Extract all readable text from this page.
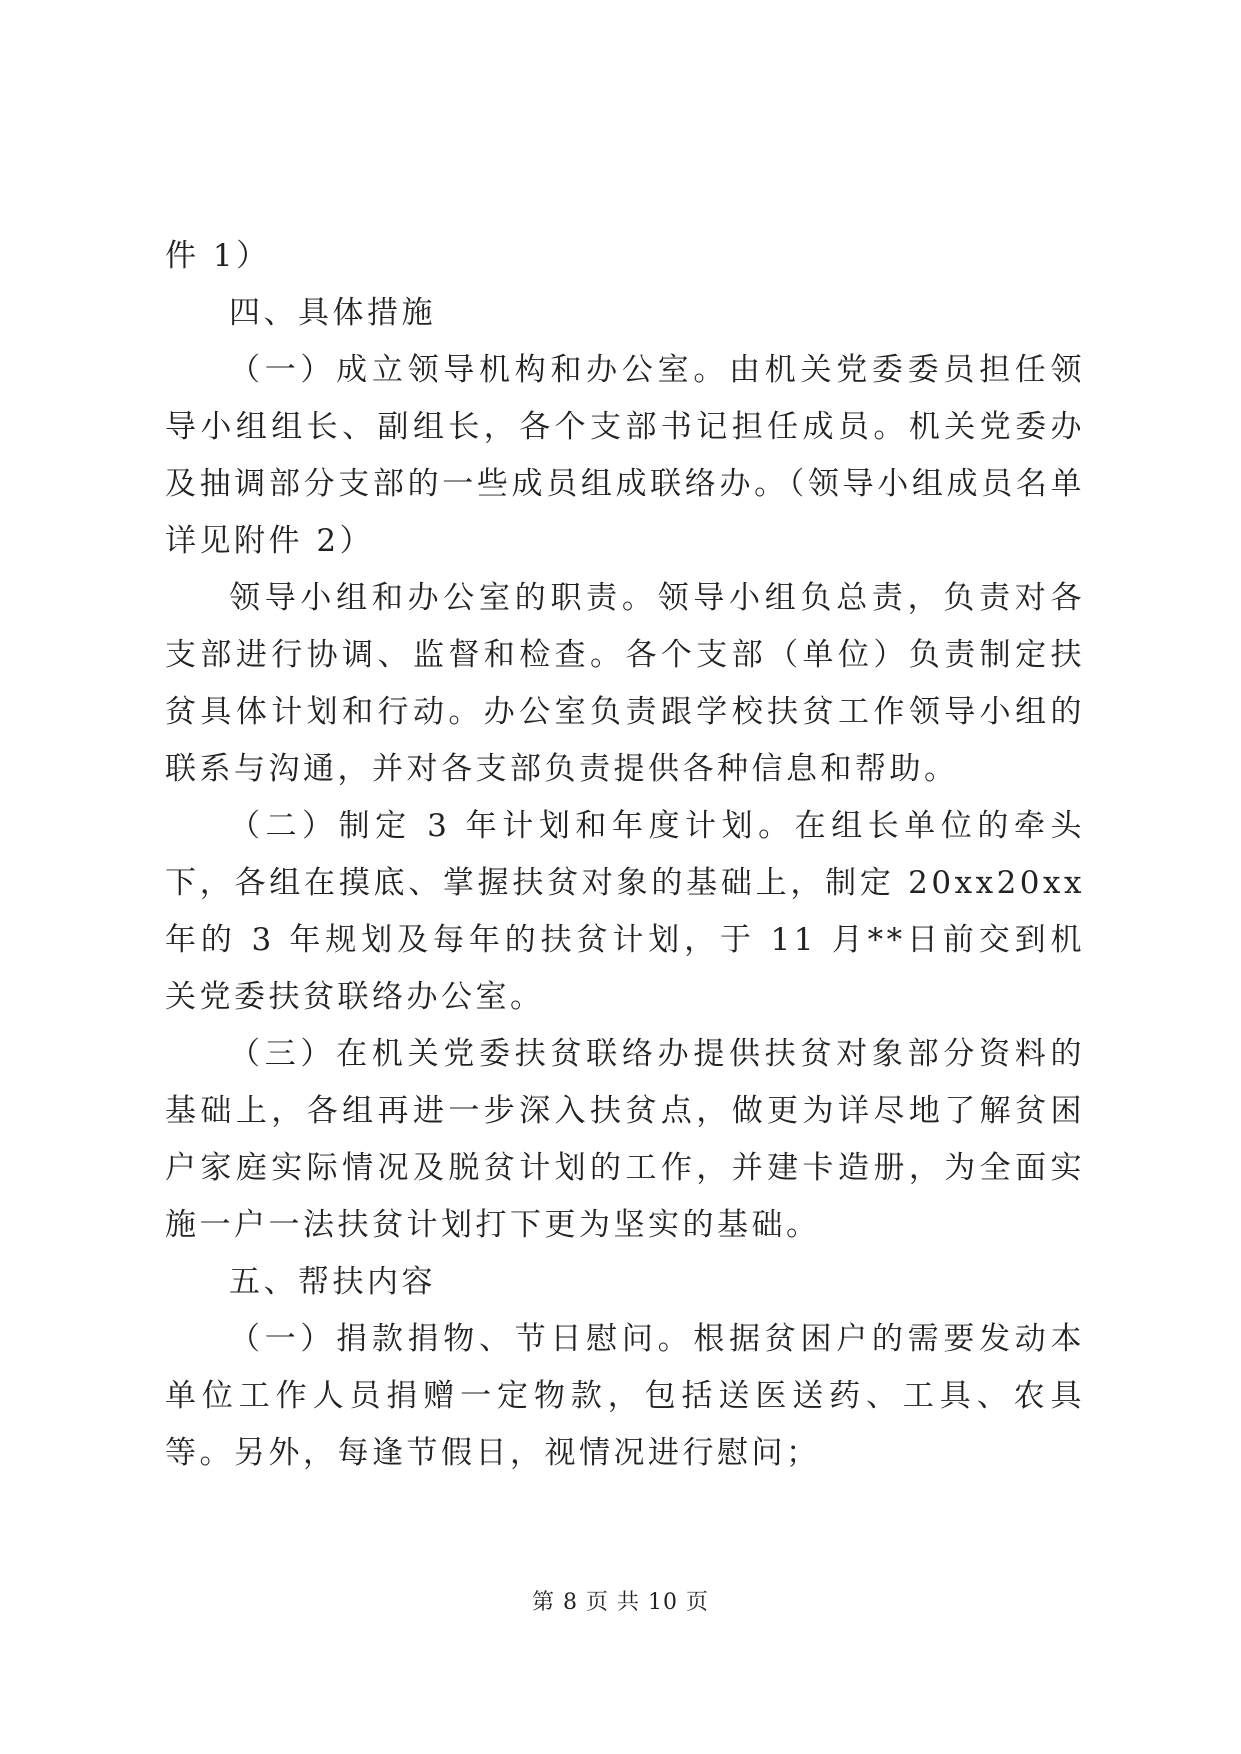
件 1）

四、具体措施

（一）成立领导机构和办公室。由机关党委委员担任领导小组组长、副组长，各个支部书记担任成员。机关党委办及抽调部分支部的一些成员组成联络办。（领导小组成员名单详见附件 2）

领导小组和办公室的职责。领导小组负总责，负责对各支部进行协调、监督和检查。各个支部（单位）负责制定扶贫具体计划和行动。办公室负责跟学校扶贫工作领导小组的联系与沟通，并对各支部负责提供各种信息和帮助。

（二）制定 3 年计划和年度计划。在组长单位的牵头下，各组在摸底、掌握扶贫对象的基础上，制定 20xx20xx 年的 3 年规划及每年的扶贫计划，于 11 月**日前交到机关党委扶贫联络办公室。

（三）在机关党委扶贫联络办提供扶贫对象部分资料的基础上，各组再进一步深入扶贫点，做更为详尽地了解贫困户家庭实际情况及脱贫计划的工作，并建卡造册，为全面实施一户一法扶贫计划打下更为坚实的基础。

五、帮扶内容

（一）捐款捐物、节日慰问。根据贫困户的需要发动本单位工作人员捐赠一定物款，包括送医送药、工具、农具等。另外，每逢节假日，视情况进行慰问；

第 8 页 共 10 页
